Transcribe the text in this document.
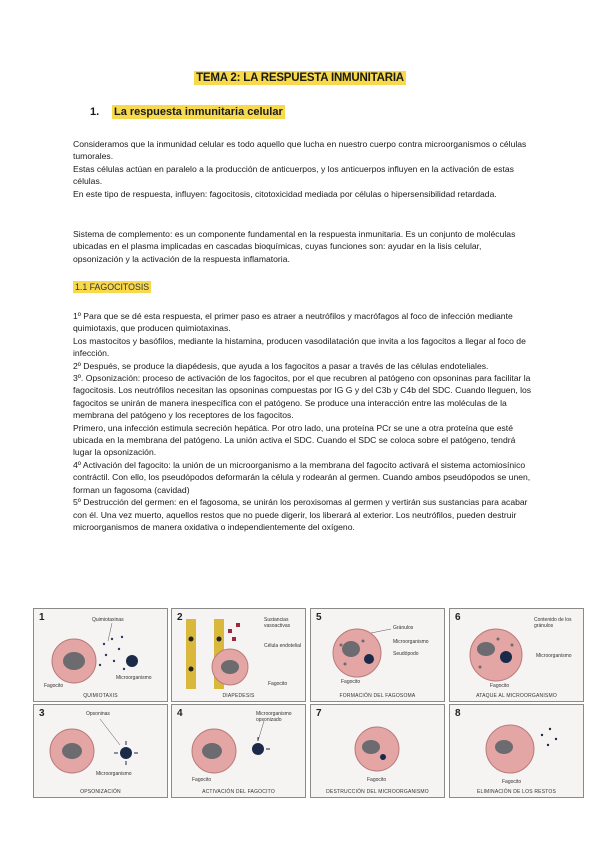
TEMA 2: LA RESPUESTA INMUNITARIA
1. La respuesta inmunitaria celular

Consideramos que la inmunidad celular es todo aquello que lucha en nuestro cuerpo contra microorganismos o células tumorales.

Estas células actúan en paralelo a la producción de anticuerpos, y los anticuerpos influyen en la activación de estas células.

En este tipo de respuesta, influyen: fagocitosis, citotoxicidad mediada por células o hipersensibilidad retardada.

Sistema de complemento: es un componente fundamental en la respuesta inmunitaria. Es un conjunto de moléculas ubicadas en el plasma implicadas en cascadas bioquímicas, cuyas funciones son: ayudar en la lisis celular, opsonización y la activación de la respuesta inflamatoria.

1.1 FAGOCITOSIS

1º Para que se dé esta respuesta, el primer paso es atraer a neutrófilos y macrófagos al foco de infección mediante quimiotaxis, que producen quimiotaxinas.

Los mastocitos y basófilos, mediante la histamina, producen vasodilatación que invita a los fagocitos a llegar al foco de infección.

2º Después, se produce la diapédesis, que ayuda a los fagocitos a pasar a través de las células endoteliales.

3º. Opsonización: proceso de activación de los fagocitos, por el que recubren al patógeno con opsoninas para facilitar la fagocitosis. Los neutrófilos necesitan las opsoninas compuestas por IG G y del C3b y C4b del SDC. Cuando lleguen, los fagocitos se unirán de manera inespecífica con el patógeno. Se produce una interacción entre las moléculas de la membrana del patógeno y los receptores de los fagocitos.

Primero, una infección estimula secreción hepática. Por otro lado, una proteína PCr se une a otra proteína que esté ubicada en la membrana del patógeno. La unión activa el SDC. Cuando el SDC se coloca sobre el patógeno, tendrá lugar la opsonización.

4º Activación del fagocito: la unión de un microorganismo a la membrana del fagocito activará el sistema actomiosínico contráctil. Con ello, los pseudópodos deformarán la célula y rodearán al germen. Cuando ambos pseudópodos se unen, forman un fagosoma (cavidad)

5º Destrucción del germen: en el fagosoma, se unirán los peroxisomas al germen y vertirán sus sustancias para acabar con él. Una vez muerto, aquellos restos que no puede digerir, los liberará al exterior. Los neutrófilos, pueden destruir microorganismos de manera oxidativa o independientemente del oxígeno.

1	Quimiotaxinas
Fagocito
Microorganismo
QUIMIOTAXIS
2	Sustancias vasoactivas
Célula endotelial
Fagocito
DIAPEDESIS
5
Gránulos
Microorganismo
Seudópodo
Fagocito
FORMACIÓN DEL FAGOSOMA
6	Contenido de los gránulos
Microorganismo
Fagocito
ATAQUE AL MICROORGANISMO
3	Opsoninas
Microorganismo
OPSONIZACIÓN
4	Microorganismo opsonizado
Fagocito
ACTIVACIÓN DEL FAGOCITO
7
Fagocito
DESTRUCCIÓN DEL MICROORGANISMO
8
Fagocito
ELIMINACIÓN DE LOS RESTOS
